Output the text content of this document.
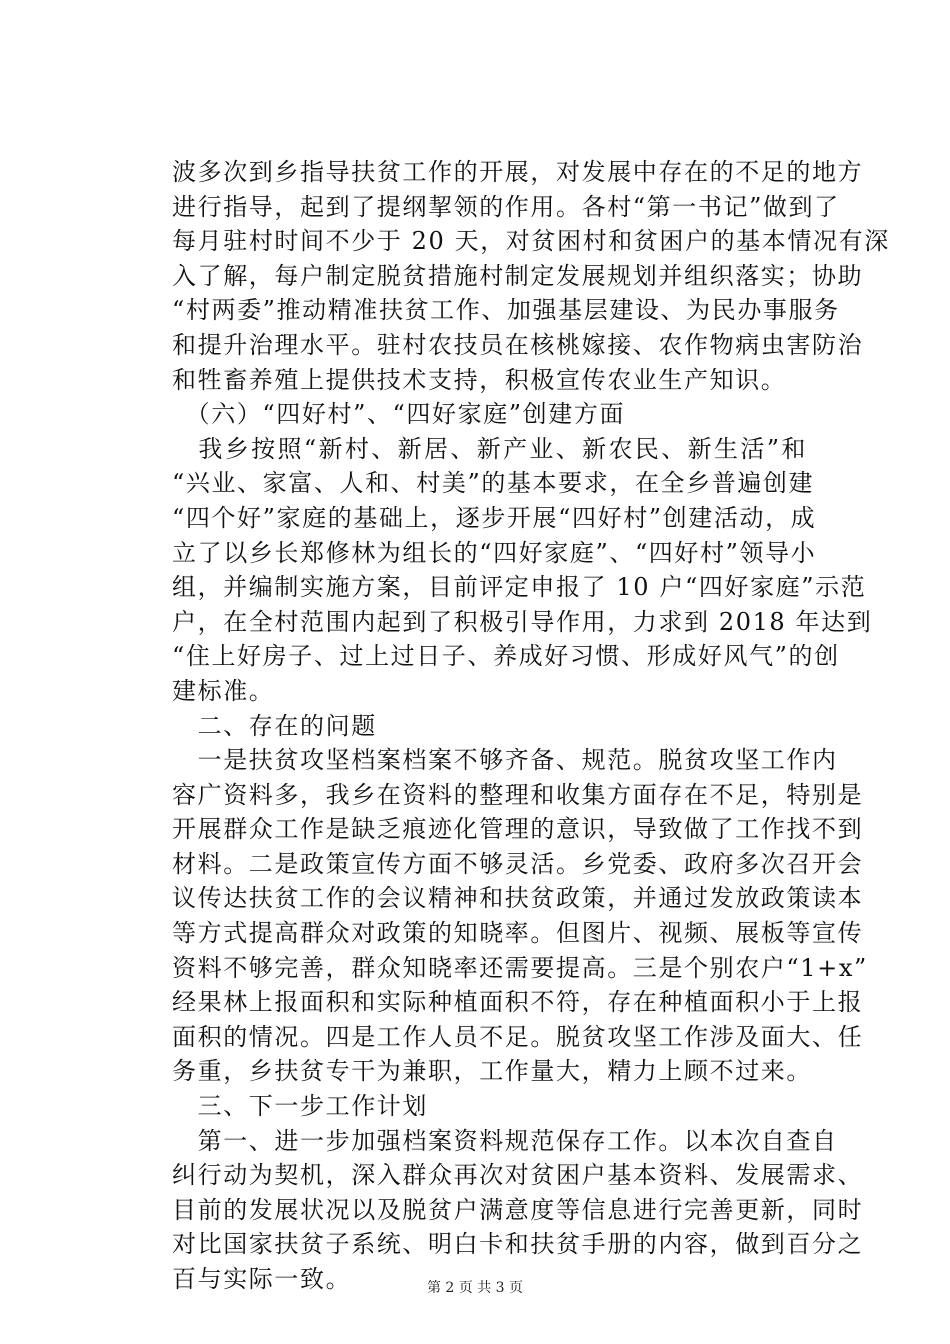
波多次到乡指导扶贫工作的开展，对发展中存在的不足的地方
进行指导，起到了提纲挈领的作用。各村“第一书记”做到了
每月驻村时间不少于 20 天，对贫困村和贫困户的基本情况有深
入了解，每户制定脱贫措施村制定发展规划并组织落实；协助
“村两委”推动精准扶贫工作、加强基层建设、为民办事服务
和提升治理水平。驻村农技员在核桃嫁接、农作物病虫害防治
和牲畜养殖上提供技术支持，积极宣传农业生产知识。
　（六）“四好村”、“四好家庭”创建方面
　我乡按照“新村、新居、新产业、新农民、新生活”和
“兴业、家富、人和、村美”的基本要求，在全乡普遍创建
“四个好”家庭的基础上，逐步开展“四好村”创建活动，成
立了以乡长郑修林为组长的“四好家庭”、“四好村”领导小
组，并编制实施方案，目前评定申报了 10 户“四好家庭”示范
户，在全村范围内起到了积极引导作用，力求到 2018 年达到
“住上好房子、过上过日子、养成好习惯、形成好风气”的创
建标准。
　二、存在的问题
　一是扶贫攻坚档案档案不够齐备、规范。脱贫攻坚工作内
容广资料多，我乡在资料的整理和收集方面存在不足，特别是
开展群众工作是缺乏痕迹化管理的意识，导致做了工作找不到
材料。二是政策宣传方面不够灵活。乡党委、政府多次召开会
议传达扶贫工作的会议精神和扶贫政策，并通过发放政策读本
等方式提高群众对政策的知晓率。但图片、视频、展板等宣传
资料不够完善，群众知晓率还需要提高。三是个别农户“1+x”
经果林上报面积和实际种植面积不符，存在种植面积小于上报
面积的情况。四是工作人员不足。脱贫攻坚工作涉及面大、任
务重，乡扶贫专干为兼职，工作量大，精力上顾不过来。
　三、下一步工作计划
　第一、进一步加强档案资料规范保存工作。以本次自查自
纠行动为契机，深入群众再次对贫困户基本资料、发展需求、
目前的发展状况以及脱贫户满意度等信息进行完善更新，同时
对比国家扶贫子系统、明白卡和扶贫手册的内容，做到百分之
百与实际一致。	第 2 页 共 3 页
